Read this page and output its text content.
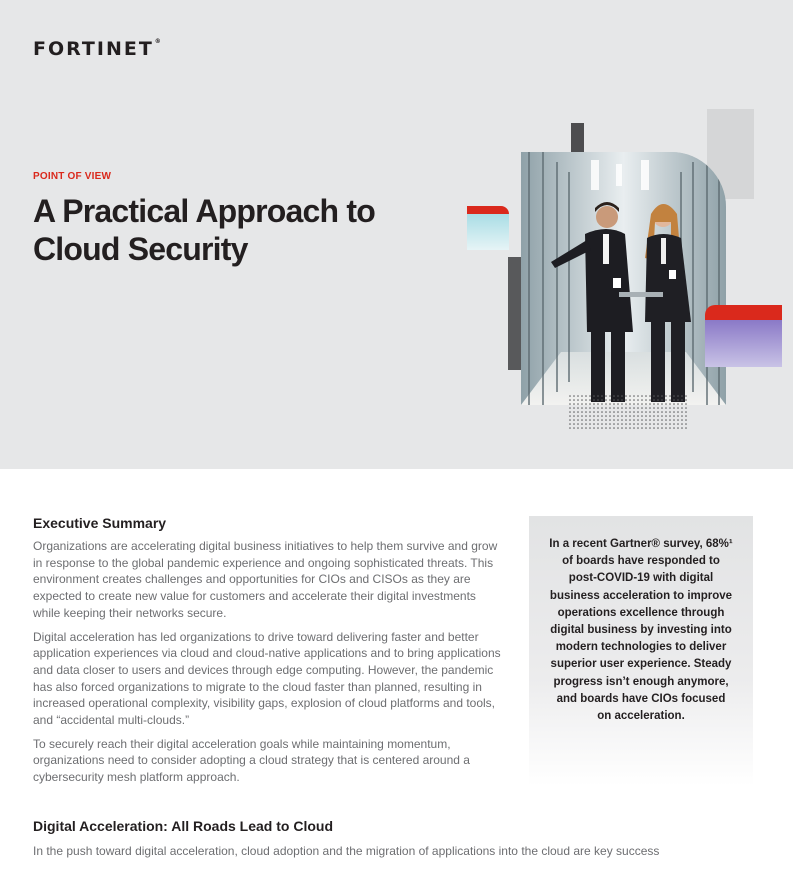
FORTINET®
POINT OF VIEW
A Practical Approach to
Cloud Security
Executive Summary

Organizations are accelerating digital business initiatives to help them survive and grow in response to the global pandemic experience and ongoing sophisticated threats. This environment creates challenges and opportunities for CIOs and CISOs as they are expected to create new value for customers and accelerate their digital investments while keeping their networks secure.

Digital acceleration has led organizations to drive toward delivering faster and better application experiences via cloud and cloud-native applications and to bring applications and data closer to users and devices through edge computing. However, the pandemic has also forced organizations to migrate to the cloud faster than planned, resulting in increased operational complexity, visibility gaps, explosion of cloud platforms and tools, and “accidental multi-clouds.”

To securely reach their digital acceleration goals while maintaining momentum, organizations need to consider adopting a cloud strategy that is centered around a cybersecurity mesh platform approach.

In a recent Gartner® survey, 68%¹ of boards have responded to post-COVID-19 with digital business acceleration to improve operations excellence through digital business by investing into modern technologies to deliver superior user experience. Steady progress isn’t enough anymore, and boards have CIOs focused on acceleration.

Digital Acceleration: All Roads Lead to Cloud

In the push toward digital acceleration, cloud adoption and the migration of applications into the cloud are key success
